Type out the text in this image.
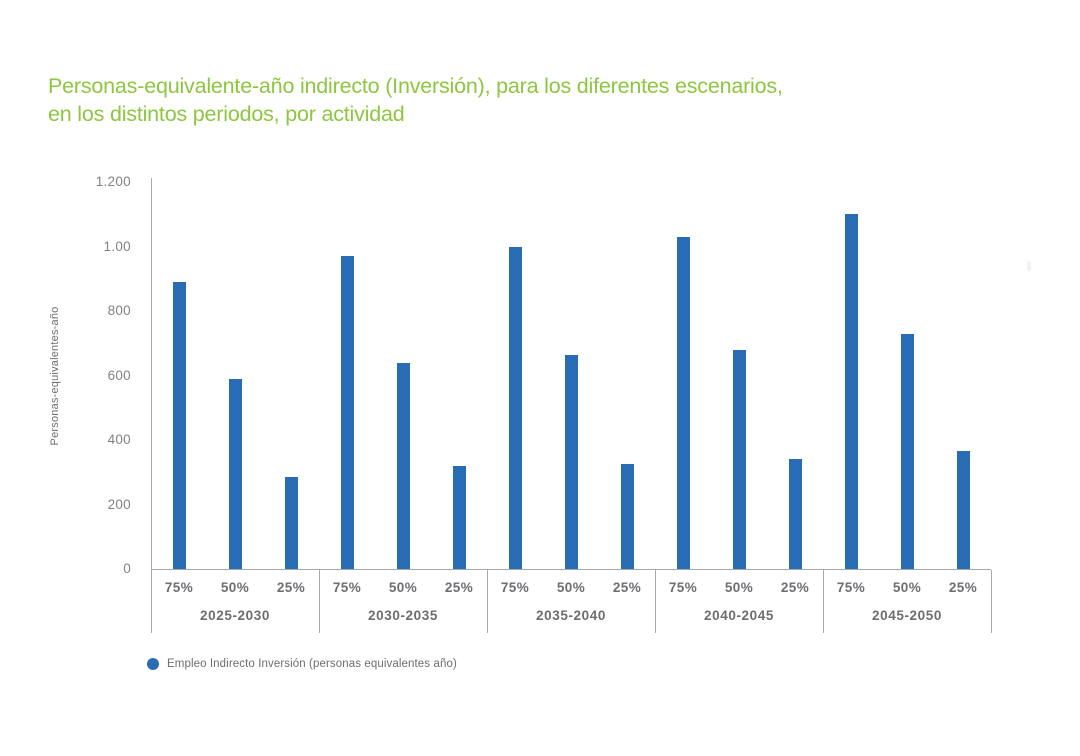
Personas-equivalente-año indirecto (Inversión), para los diferentes escenarios,
en los distintos periodos, por actividad
Personas-equivalentes-año
1.200
1.00
800
600
400
200
0
75%	50%	25%
2025-2030
75%	50%	25%
2030-2035
75%	50%	25%
2035-2040
75%	50%	25%
2040-2045
75%	50%	25%
2045-2050
Empleo Indirecto Inversión (personas equivalentes año)
